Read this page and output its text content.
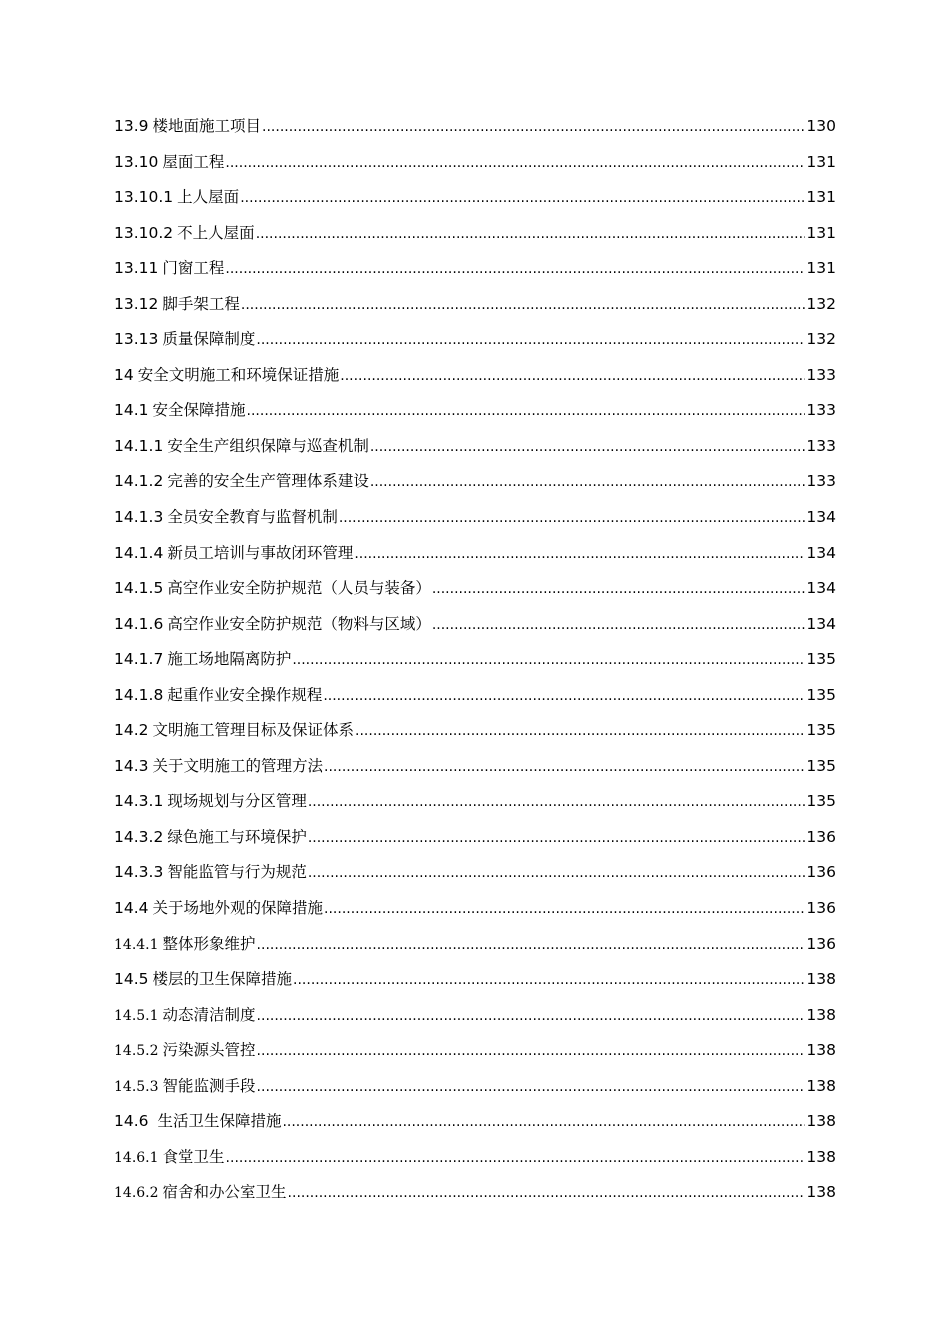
13.9 楼地面施工项目 .....	130
13.10 屋面工程 .....	131
13.10.1 上人屋面 .....	131
13.10.2 不上人屋面 .....	131
13.11 门窗工程 .....	131
13.12 脚手架工程 .....	132
13.13 质量保障制度 .....	132
14 安全文明施工和环境保证措施 .....	133
14.1 安全保障措施 .....	133
14.1.1 安全生产组织保障与巡查机制 .....	133
14.1.2 完善的安全生产管理体系建设 .....	133
14.1.3 全员安全教育与监督机制 .....	134
14.1.4 新员工培训与事故闭环管理 .....	134
14.1.5 高空作业安全防护规范（人员与装备） .....	134
14.1.6 高空作业安全防护规范（物料与区域） .....	134
14.1.7 施工场地隔离防护 .....	135
14.1.8 起重作业安全操作规程 .....	135
14.2 文明施工管理目标及保证体系 .....	135
14.3 关于文明施工的管理方法 .....	135
14.3.1 现场规划与分区管理 .....	135
14.3.2 绿色施工与环境保护 .....	136
14.3.3 智能监管与行为规范 .....	136
14.4 关于场地外观的保障措施 .....	136
14.4.1 整体形象维护 .....	136
14.5 楼层的卫生保障措施 .....	138
14.5.1 动态清洁制度 .....	138
14.5.2 污染源头管控 .....	138
14.5.3 智能监测手段 .....	138
14.6 生活卫生保障措施 .....	138
14.6.1 食堂卫生 .....	138
14.6.2 宿舍和办公室卫生 .....	138
